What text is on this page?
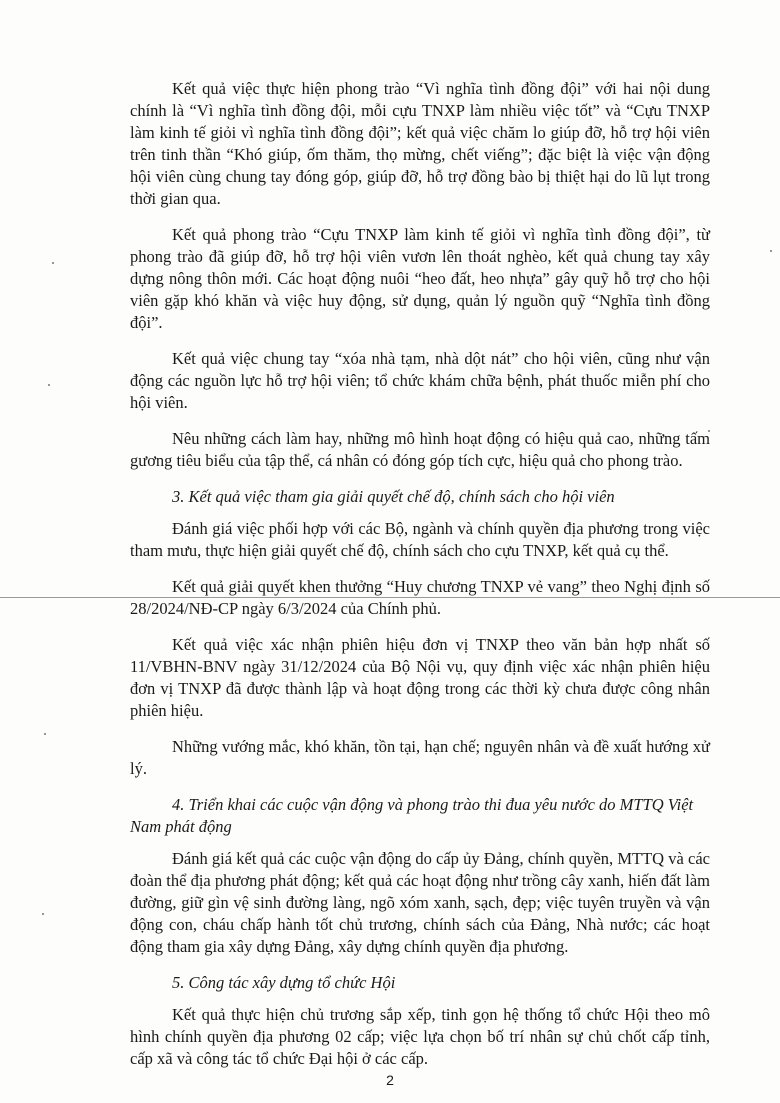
Kết quả việc thực hiện phong trào “Vì nghĩa tình đồng đội” với hai nội dung chính là “Vì nghĩa tình đồng đội, mỗi cựu TNXP làm nhiều việc tốt” và “Cựu TNXP làm kinh tế giỏi vì nghĩa tình đồng đội”; kết quả việc chăm lo giúp đỡ, hỗ trợ hội viên trên tinh thần “Khó giúp, ốm thăm, thọ mừng, chết viếng”; đặc biệt là việc vận động hội viên cùng chung tay đóng góp, giúp đỡ, hỗ trợ đồng bào bị thiệt hại do lũ lụt trong thời gian qua.

Kết quả phong trào “Cựu TNXP làm kinh tế giỏi vì nghĩa tình đồng đội”, từ phong trào đã giúp đỡ, hỗ trợ hội viên vươn lên thoát nghèo, kết quả chung tay xây dựng nông thôn mới. Các hoạt động nuôi “heo đất, heo nhựa” gây quỹ hỗ trợ cho hội viên gặp khó khăn và việc huy động, sử dụng, quản lý nguồn quỹ “Nghĩa tình đồng đội”.

Kết quả việc chung tay “xóa nhà tạm, nhà dột nát” cho hội viên, cũng như vận động các nguồn lực hỗ trợ hội viên; tổ chức khám chữa bệnh, phát thuốc miễn phí cho hội viên.

Nêu những cách làm hay, những mô hình hoạt động có hiệu quả cao, những tấm gương tiêu biểu của tập thể, cá nhân có đóng góp tích cực, hiệu quả cho phong trào.

3. Kết quả việc tham gia giải quyết chế độ, chính sách cho hội viên

Đánh giá việc phối hợp với các Bộ, ngành và chính quyền địa phương trong việc tham mưu, thực hiện giải quyết chế độ, chính sách cho cựu TNXP, kết quả cụ thể.

Kết quả giải quyết khen thưởng “Huy chương TNXP vẻ vang” theo Nghị định số 28/2024/NĐ-CP ngày 6/3/2024 của Chính phủ.

Kết quả việc xác nhận phiên hiệu đơn vị TNXP theo văn bản hợp nhất số 11/VBHN-BNV ngày 31/12/2024 của Bộ Nội vụ, quy định việc xác nhận phiên hiệu đơn vị TNXP đã được thành lập và hoạt động trong các thời kỳ chưa được công nhân phiên hiệu.

Những vướng mắc, khó khăn, tồn tại, hạn chế; nguyên nhân và đề xuất hướng xử lý.

4. Triển khai các cuộc vận động và phong trào thi đua yêu nước do MTTQ Việt Nam phát động

Đánh giá kết quả các cuộc vận động do cấp ủy Đảng, chính quyền, MTTQ và các đoàn thể địa phương phát động; kết quả các hoạt động như trồng cây xanh, hiến đất làm đường, giữ gìn vệ sinh đường làng, ngõ xóm xanh, sạch, đẹp; việc tuyên truyền và vận động con, cháu chấp hành tốt chủ trương, chính sách của Đảng, Nhà nước; các hoạt động tham gia xây dựng Đảng, xây dựng chính quyền địa phương.

5. Công tác xây dựng tổ chức Hội

Kết quả thực hiện chủ trương sắp xếp, tinh gọn hệ thống tổ chức Hội theo mô hình chính quyền địa phương 02 cấp; việc lựa chọn bố trí nhân sự chủ chốt cấp tỉnh, cấp xã và công tác tổ chức Đại hội ở các cấp.

2
